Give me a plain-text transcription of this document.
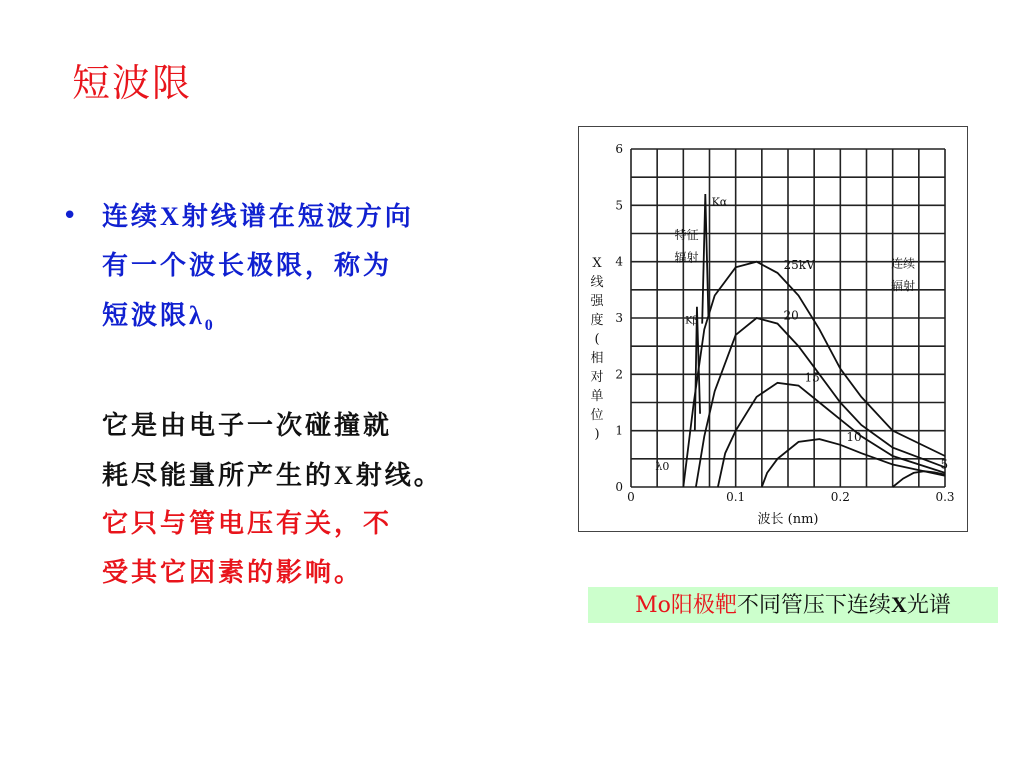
短波限
• 连续X射线谱在短波方向
有一个波长极限，称为
短波限$\lambda_0$
它是由电子一次碰撞就
耗尽能量所产生的X射线。
它只与管电压有关，不
受其它因素的影响。
0	0.1	0.2	0.3
0
1
2
3
4
5
6
波长 (nm)
X
线
强
度
(
相
对
单
位
)
25kV
20
15
10
5
Kα
Kβ
特征
辐射	连续
辐射
λ0
Mo阳极靶不同管压下连续X光谱
